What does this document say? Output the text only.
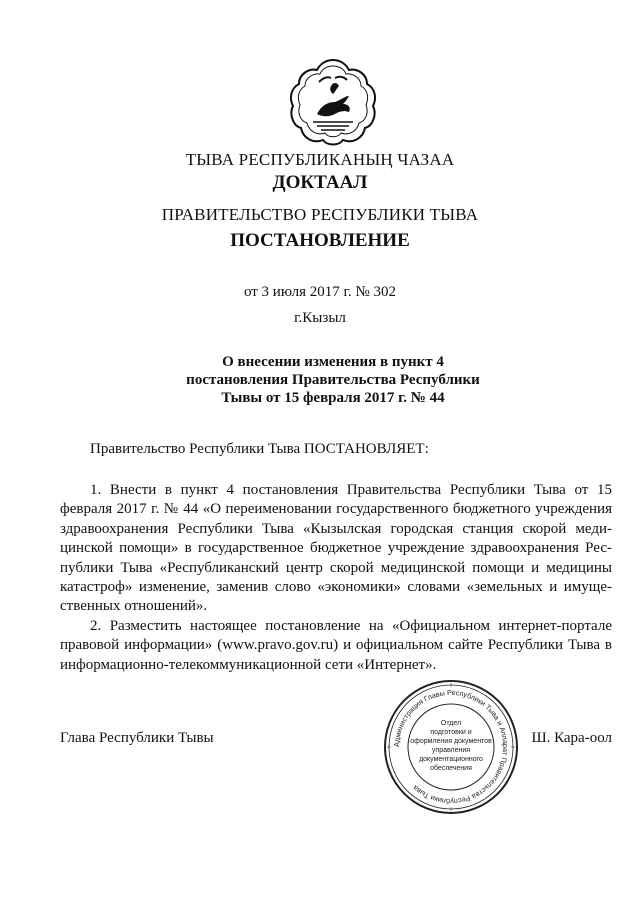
ТЫВА РЕСПУБЛИКАНЫҢ ЧАЗАА
ДОКТААЛ
ПРАВИТЕЛЬСТВО РЕСПУБЛИКИ ТЫВА
ПОСТАНОВЛЕНИЕ
от 3 июля 2017 г. № 302
г.Кызыл
О внесении изменения в пункт 4
постановления Правительства Республики
Тывы от 15 февраля 2017 г. № 44
Правительство Республики Тыва ПОСТАНОВЛЯЕТ:

1. Внести в пункт 4 постановления Правительства Республики Тыва от 15 февраля 2017 г. № 44 «О переименовании государственного бюджетного учреждения здравоохранения Республики Тыва «Кызылская городская станция скорой медицинской помощи» в государственное бюджетное учреждение здравоохранения Республики Тыва «Республиканский центр скорой медицинской помощи и медицины катастроф» изменение, заменив слово «экономики» словами «земельных и имущественных отношений».

2. Разместить настоящее постановление на «Официальном интернет-портале правовой информации» (www.pravo.gov.ru) и официальном сайте Республики Тыва в информационно-телекоммуникационной сети «Интернет».

Глава Республики Тывы	Ш. Кара-оол
Администрация Главы Республики Тыва и Аппарат Правительства Республики Тыва
Отдел
подготовки и
оформления документов
управления
документационного
обеспечения
